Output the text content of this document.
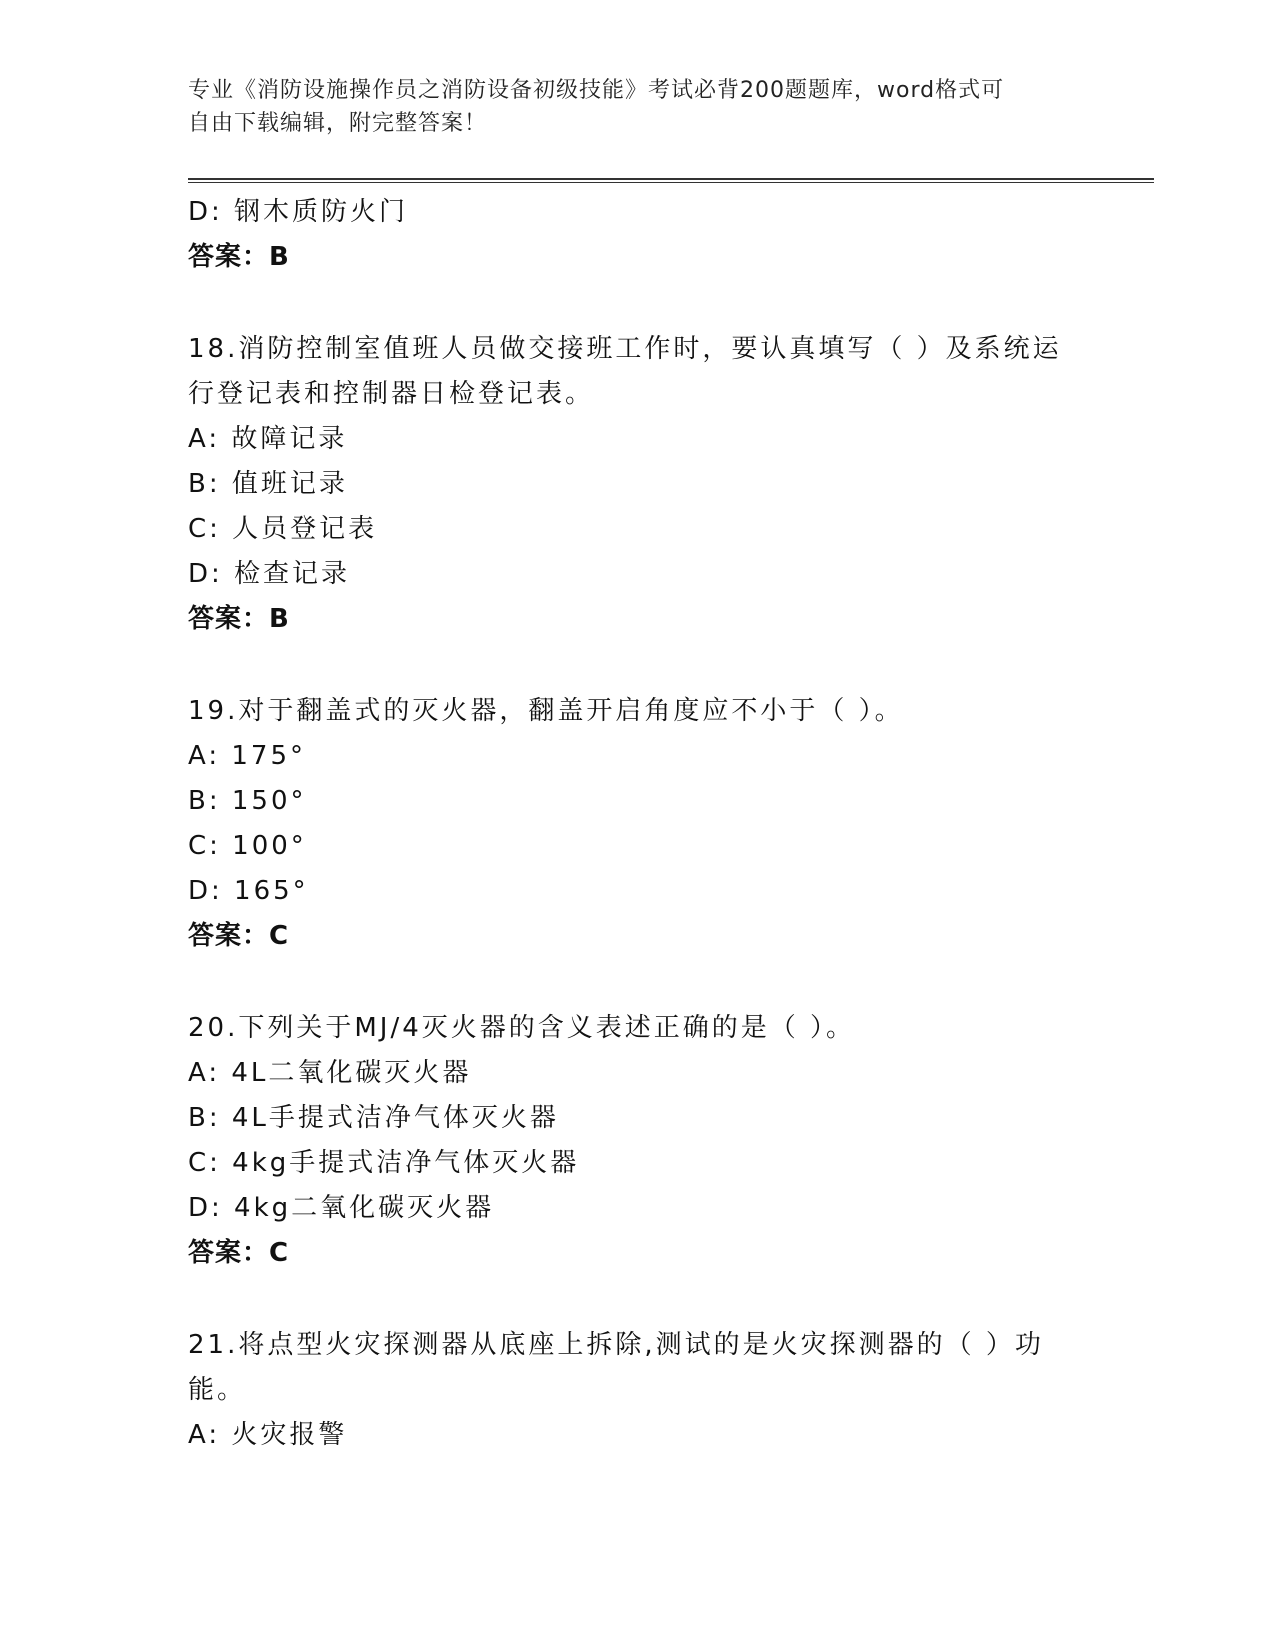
专业《消防设施操作员之消防设备初级技能》考试必背200题题库，word格式可
自由下载编辑，附完整答案！
D: 钢木质防火门
答案：B
18.消防控制室值班人员做交接班工作时，要认真填写（ ）及系统运
行登记表和控制器日检登记表。
A: 故障记录
B: 值班记录
C: 人员登记表
D: 检查记录
答案：B
19.对于翻盖式的灭火器，翻盖开启角度应不小于（ ）。
A: 175°
B: 150°
C: 100°
D: 165°
答案：C
20.下列关于MJ/4灭火器的含义表述正确的是（ ）。
A: 4L二氧化碳灭火器
B: 4L手提式洁净气体灭火器
C: 4kg手提式洁净气体灭火器
D: 4kg二氧化碳灭火器
答案：C
21.将点型火灾探测器从底座上拆除,测试的是火灾探测器的（ ）功
能。
A: 火灾报警
